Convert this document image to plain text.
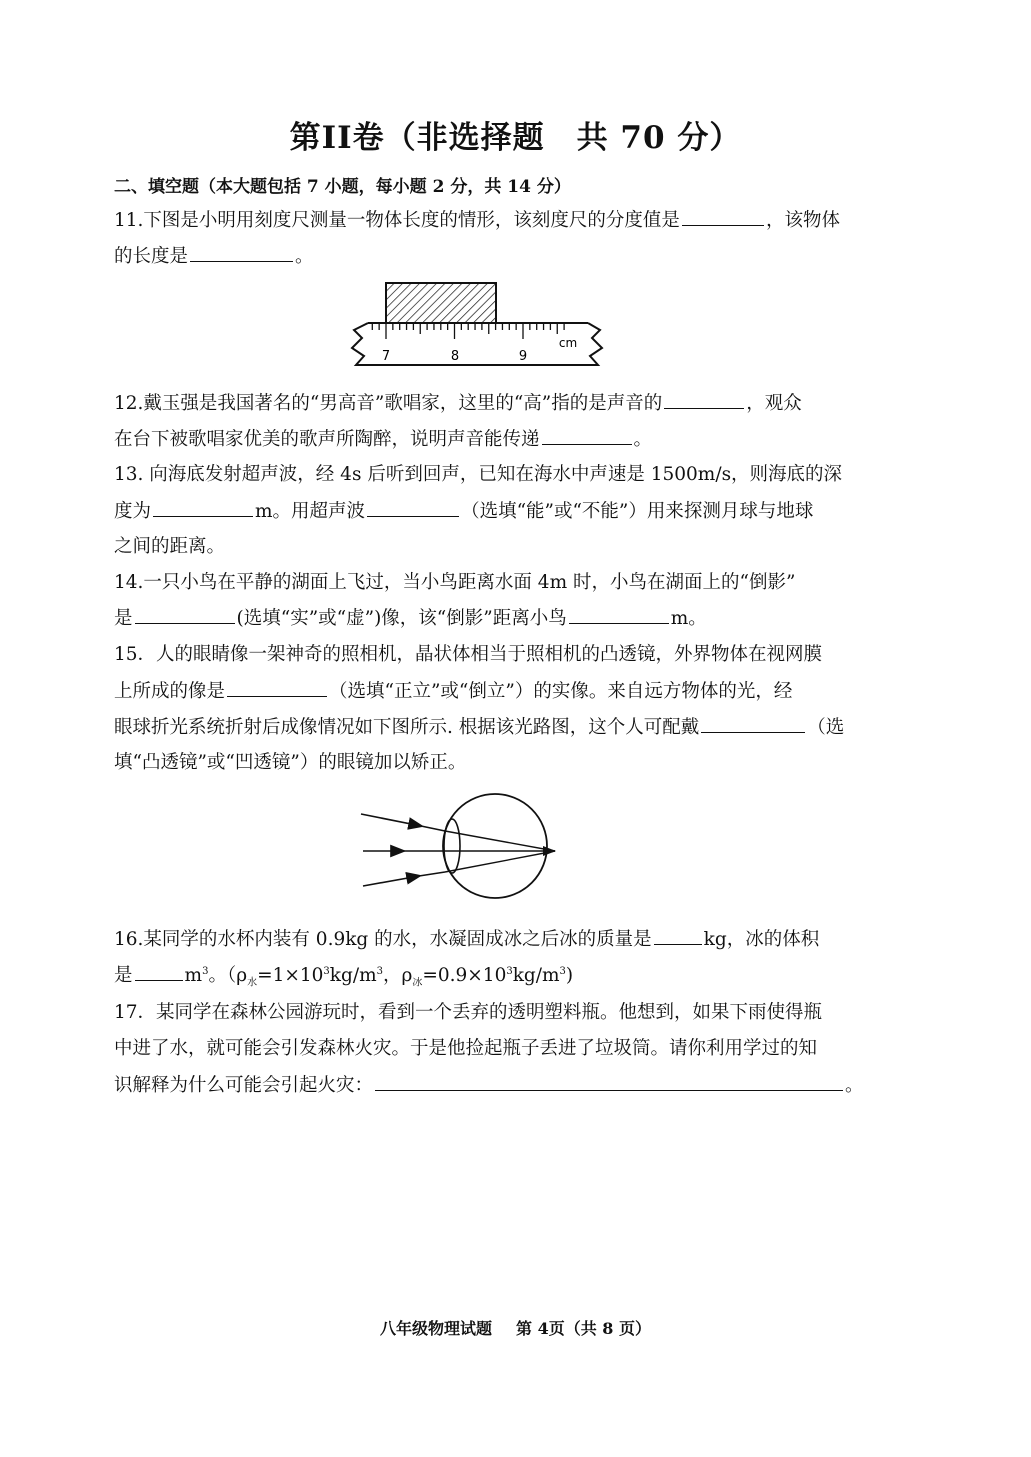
第II卷（非选择题　共 70 分）
二、填空题（本大题包括 7 小题，每小题 2 分，共 14 分）
11.下图是小明用刻度尺测量一物体长度的情形，该刻度尺的分度值是	，该物体
的长度是	。
7	8	9
cm
12.戴玉强是我国著名的“男高音”歌唱家，这里的“高”指的是声音的	，观众
在台下被歌唱家优美的歌声所陶醉，说明声音能传递	。
13. 向海底发射超声波，经 4s 后听到回声，已知在海水中声速是 1500m/s，则海底的深
度为	m。用超声波	（选填“能”或“不能”）用来探测月球与地球
之间的距离。
14.一只小鸟在平静的湖面上飞过，当小鸟距离水面 4m 时，小鸟在湖面上的“倒影”
是	(选填“实”或“虚”)像，该“倒影”距离小鸟	m。
15．人的眼睛像一架神奇的照相机，晶状体相当于照相机的凸透镜，外界物体在视网膜
上所成的像是	（选填“正立”或“倒立”）的实像。来自远方物体的光，经
眼球折光系统折射后成像情况如下图所示. 根据该光路图，这个人可配戴	（选
填“凸透镜”或“凹透镜”）的眼镜加以矫正。
16.某同学的水杯内装有 0.9kg 的水，水凝固成冰之后冰的质量是	kg，冰的体积
是	$m^3$。（$\rho_水=1\times 10^3kg/m^3$，$\rho_冰=0.9\times 10^3kg/m^3$)
17．某同学在森林公园游玩时，看到一个丢弃的透明塑料瓶。他想到，如果下雨使得瓶
中进了水，就可能会引发森林火灾。于是他捡起瓶子丢进了垃圾筒。请你利用学过的知
识解释为什么可能会引起火灾：	。
八年级物理试题 第 4页（共 8 页）
